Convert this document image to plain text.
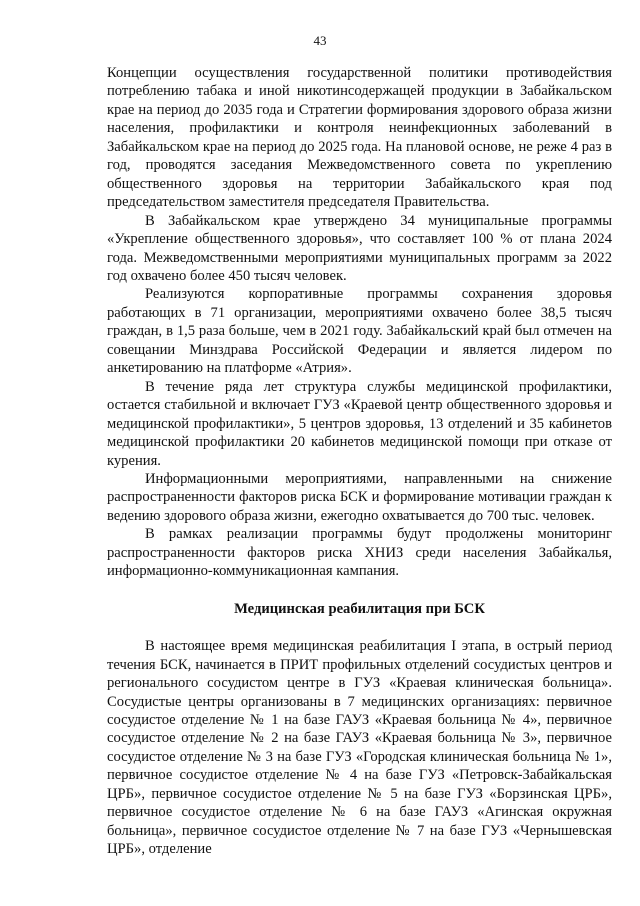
43

Концепции осуществления государственной политики противодействия потреблению табака и иной никотинсодержащей продукции в Забайкальском крае на период до 2035 года и Стратегии формирования здорового образа жизни населения, профилактики и контроля неинфекционных заболеваний в Забайкальском крае на период до 2025 года. На плановой основе, не реже 4 раз в год, проводятся заседания Межведомственного совета по укреплению общественного здоровья на территории Забайкальского края под председательством заместителя председателя Правительства.

В Забайкальском крае утверждено 34 муниципальные программы «Укрепление общественного здоровья», что составляет 100 % от плана 2024 года. Межведомственными мероприятиями муниципальных программ за 2022 год охвачено более 450 тысяч человек.

Реализуются корпоративные программы сохранения здоровья работающих в 71 организации, мероприятиями охвачено более 38,5 тысяч граждан, в 1,5 раза больше, чем в 2021 году. Забайкальский край был отмечен на совещании Минздрава Российской Федерации и является лидером по анкетированию на платформе «Атрия».

В течение ряда лет структура службы медицинской профилактики, остается стабильной и включает ГУЗ «Краевой центр общественного здоровья и медицинской профилактики», 5 центров здоровья, 13 отделений и 35 кабинетов медицинской профилактики 20 кабинетов медицинской помощи при отказе от курения.

Информационными мероприятиями, направленными на снижение распространенности факторов риска БСК и формирование мотивации граждан к ведению здорового образа жизни, ежегодно охватывается до 700 тыс. человек.

В рамках реализации программы будут продолжены мониторинг распространенности факторов риска ХНИЗ среди населения Забайкалья, информационно-коммуникационная кампания.

Медицинская реабилитация при БСК

В настоящее время медицинская реабилитация I этапа, в острый период течения БСК, начинается в ПРИТ профильных отделений сосудистых центров и регионального сосудистом центре в ГУЗ «Краевая клиническая больница». Сосудистые центры организованы в 7 медицинских организациях: первичное сосудистое отделение № 1 на базе ГАУЗ «Краевая больница № 4», первичное сосудистое отделение № 2 на базе ГАУЗ «Краевая больница № 3», первичное сосудистое отделение № 3 на базе ГУЗ «Городская клиническая больница № 1», первичное сосудистое отделение № 4 на базе ГУЗ «Петровск-Забайкальская ЦРБ», первичное сосудистое отделение № 5 на базе ГУЗ «Борзинская ЦРБ», первичное сосудистое отделение № 6 на базе ГАУЗ «Агинская окружная больница», первичное сосудистое отделение № 7 на базе ГУЗ «Чернышевская ЦРБ», отделение
